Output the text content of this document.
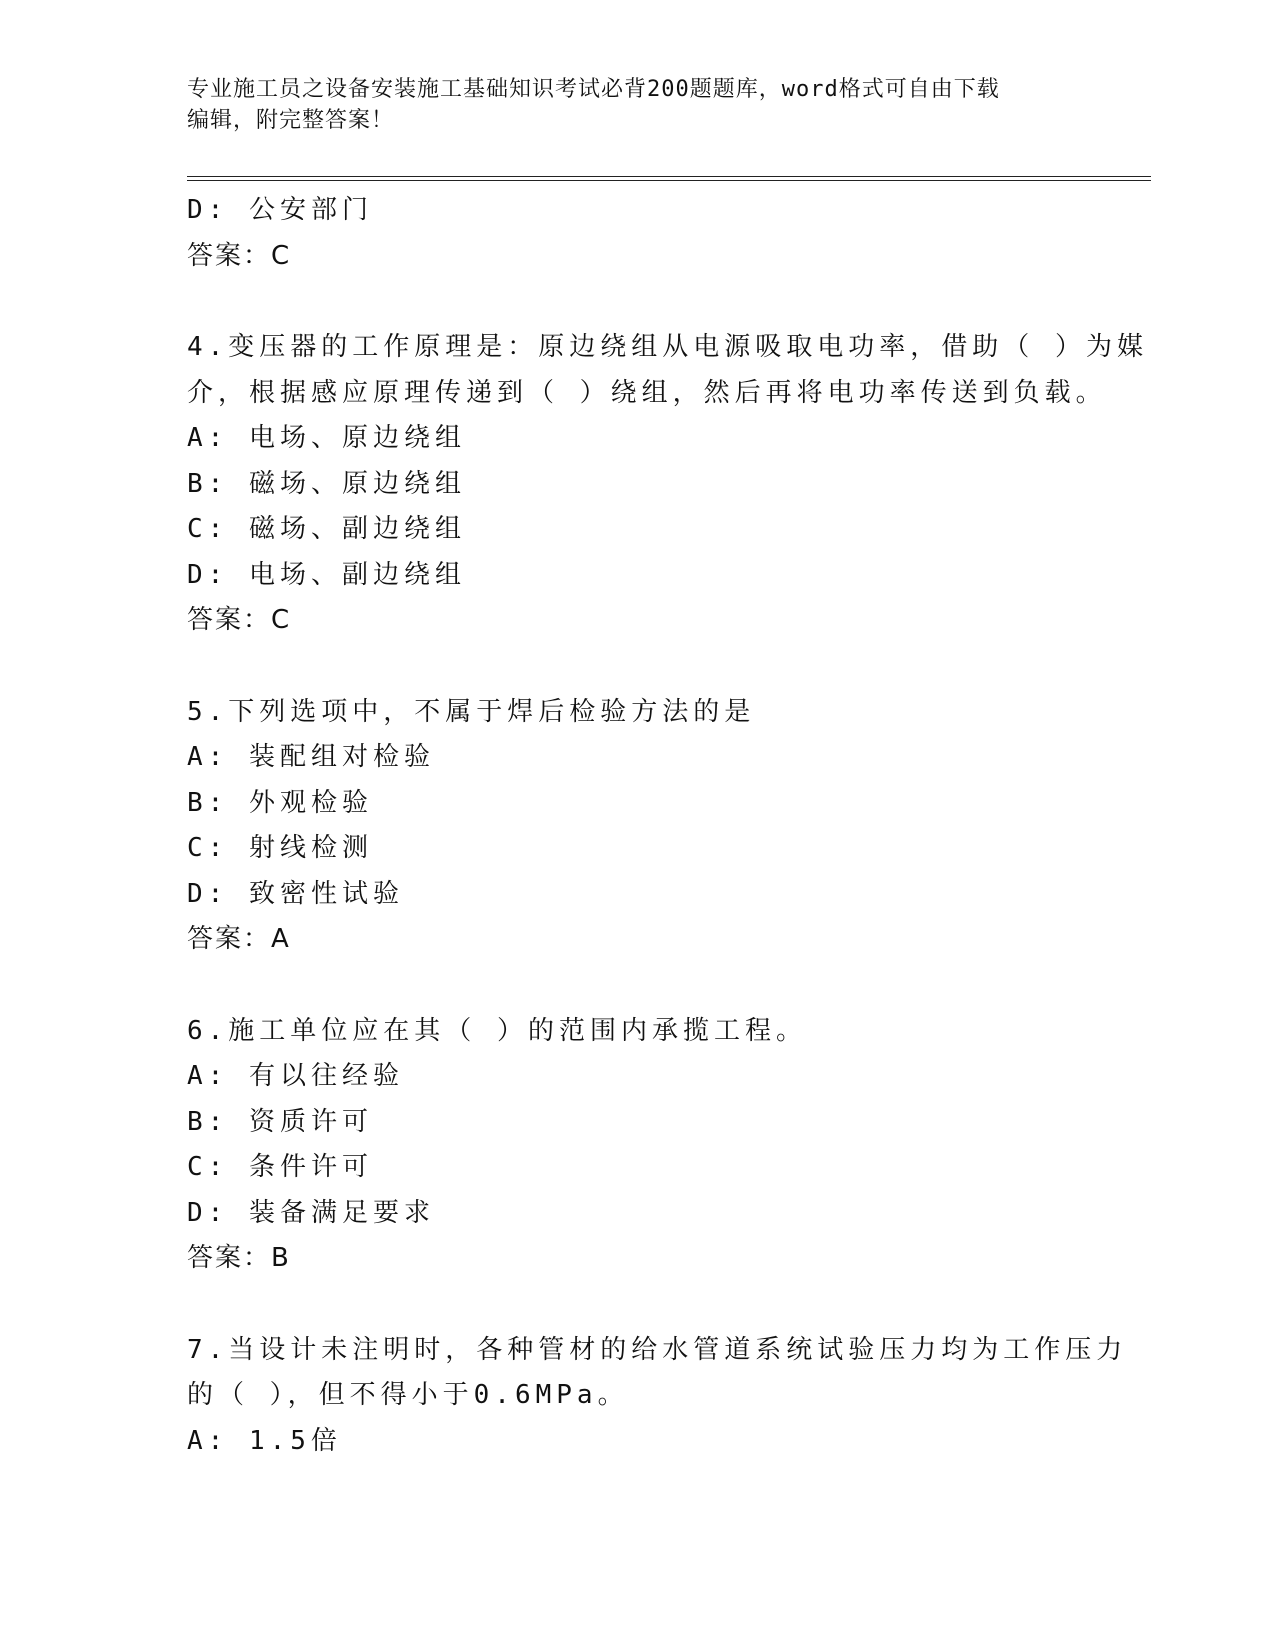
专业施工员之设备安装施工基础知识考试必背200题题库，word格式可自由下载
编辑，附完整答案！
D: 公安部门
答案：C
4.变压器的工作原理是：原边绕组从电源吸取电功率，借助（ ）为媒
介，根据感应原理传递到（ ）绕组，然后再将电功率传送到负载。
A: 电场、原边绕组
B: 磁场、原边绕组
C: 磁场、副边绕组
D: 电场、副边绕组
答案：C
5.下列选项中，不属于焊后检验方法的是
A: 装配组对检验
B: 外观检验
C: 射线检测
D: 致密性试验
答案：A
6.施工单位应在其（ ）的范围内承揽工程。
A: 有以往经验
B: 资质许可
C: 条件许可
D: 装备满足要求
答案：B
7.当设计未注明时，各种管材的给水管道系统试验压力均为工作压力
的（ ），但不得小于0.6MPa。
A: 1.5倍
